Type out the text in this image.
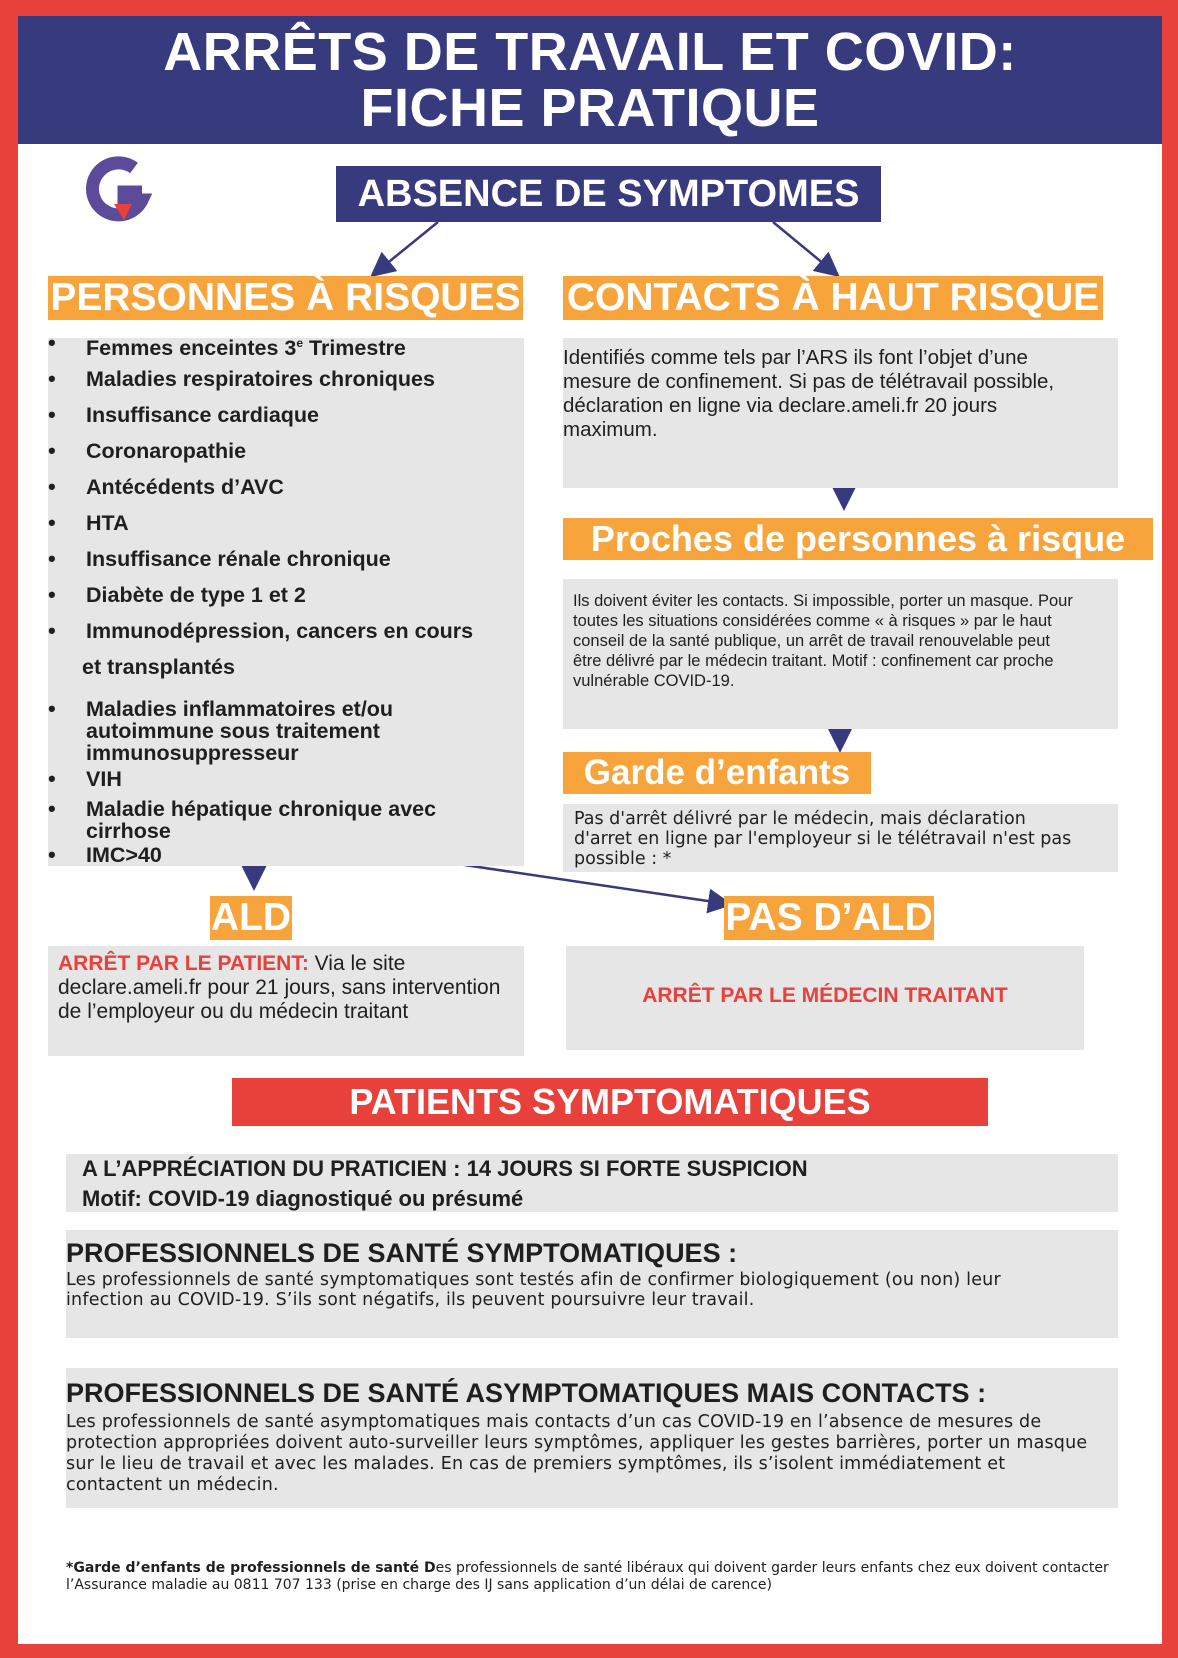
ARRÊTS DE TRAVAIL ET COVID:
FICHE PRATIQUE
ABSENCE DE SYMPTOMES
PERSONNES À RISQUES
• Femmes enceintes 3e Trimestre
• Maladies respiratoires chroniques
• Insuffisance cardiaque
• Coronaropathie
• Antécédents d’AVC
• HTA
• Insuffisance rénale chronique
• Diabète de type 1 et 2
• Immunodépression, cancers en cours
et transplantés
• Maladies inflammatoires et/ou autoimmune sous traitement immunosuppresseur
• VIH
• Maladie hépatique chronique avec cirrhose
• IMC>40
CONTACTS À HAUT RISQUE
Identifiés comme tels par l’ARS ils font l’objet d’une mesure de confinement. Si pas de télétravail possible, déclaration en ligne via declare.ameli.fr 20 jours maximum.
Proches de personnes à risque
Ils doivent éviter les contacts. Si impossible, porter un masque. Pour toutes les situations considérées comme « à risques » par le haut conseil de la santé publique, un arrêt de travail renouvelable peut être délivré par le médecin traitant. Motif : confinement car proche vulnérable COVID-19.
Garde d’enfants
Pas d'arrêt délivré par le médecin, mais déclaration d'arret en ligne par l'employeur si le télétravail n'est pas possible : *
ALD
ARRÊT PAR LE PATIENT: Via le site declare.ameli.fr pour 21 jours, sans intervention de l’employeur ou du médecin traitant
PAS D’ALD
ARRÊT PAR LE MÉDECIN TRAITANT
PATIENTS SYMPTOMATIQUES
A L’APPRÉCIATION DU PRATICIEN : 14 JOURS SI FORTE SUSPICION
Motif: COVID-19 diagnostiqué ou présumé
PROFESSIONNELS DE SANTÉ SYMPTOMATIQUES :
Les professionnels de santé symptomatiques sont testés afin de confirmer biologiquement (ou non) leur infection au COVID-19. S’ils sont négatifs, ils peuvent poursuivre leur travail.
PROFESSIONNELS DE SANTÉ ASYMPTOMATIQUES MAIS CONTACTS :
Les professionnels de santé asymptomatiques mais contacts d’un cas COVID-19 en l’absence de mesures de protection appropriées doivent auto-surveiller leurs symptômes, appliquer les gestes barrières, porter un masque sur le lieu de travail et avec les malades. En cas de premiers symptômes, ils s’isolent immédiatement et contactent un médecin.
*Garde d’enfants de professionnels de santé Des professionnels de santé libéraux qui doivent garder leurs enfants chez eux doivent contacter l’Assurance maladie au 0811 707 133 (prise en charge des IJ sans application d’un délai de carence)
